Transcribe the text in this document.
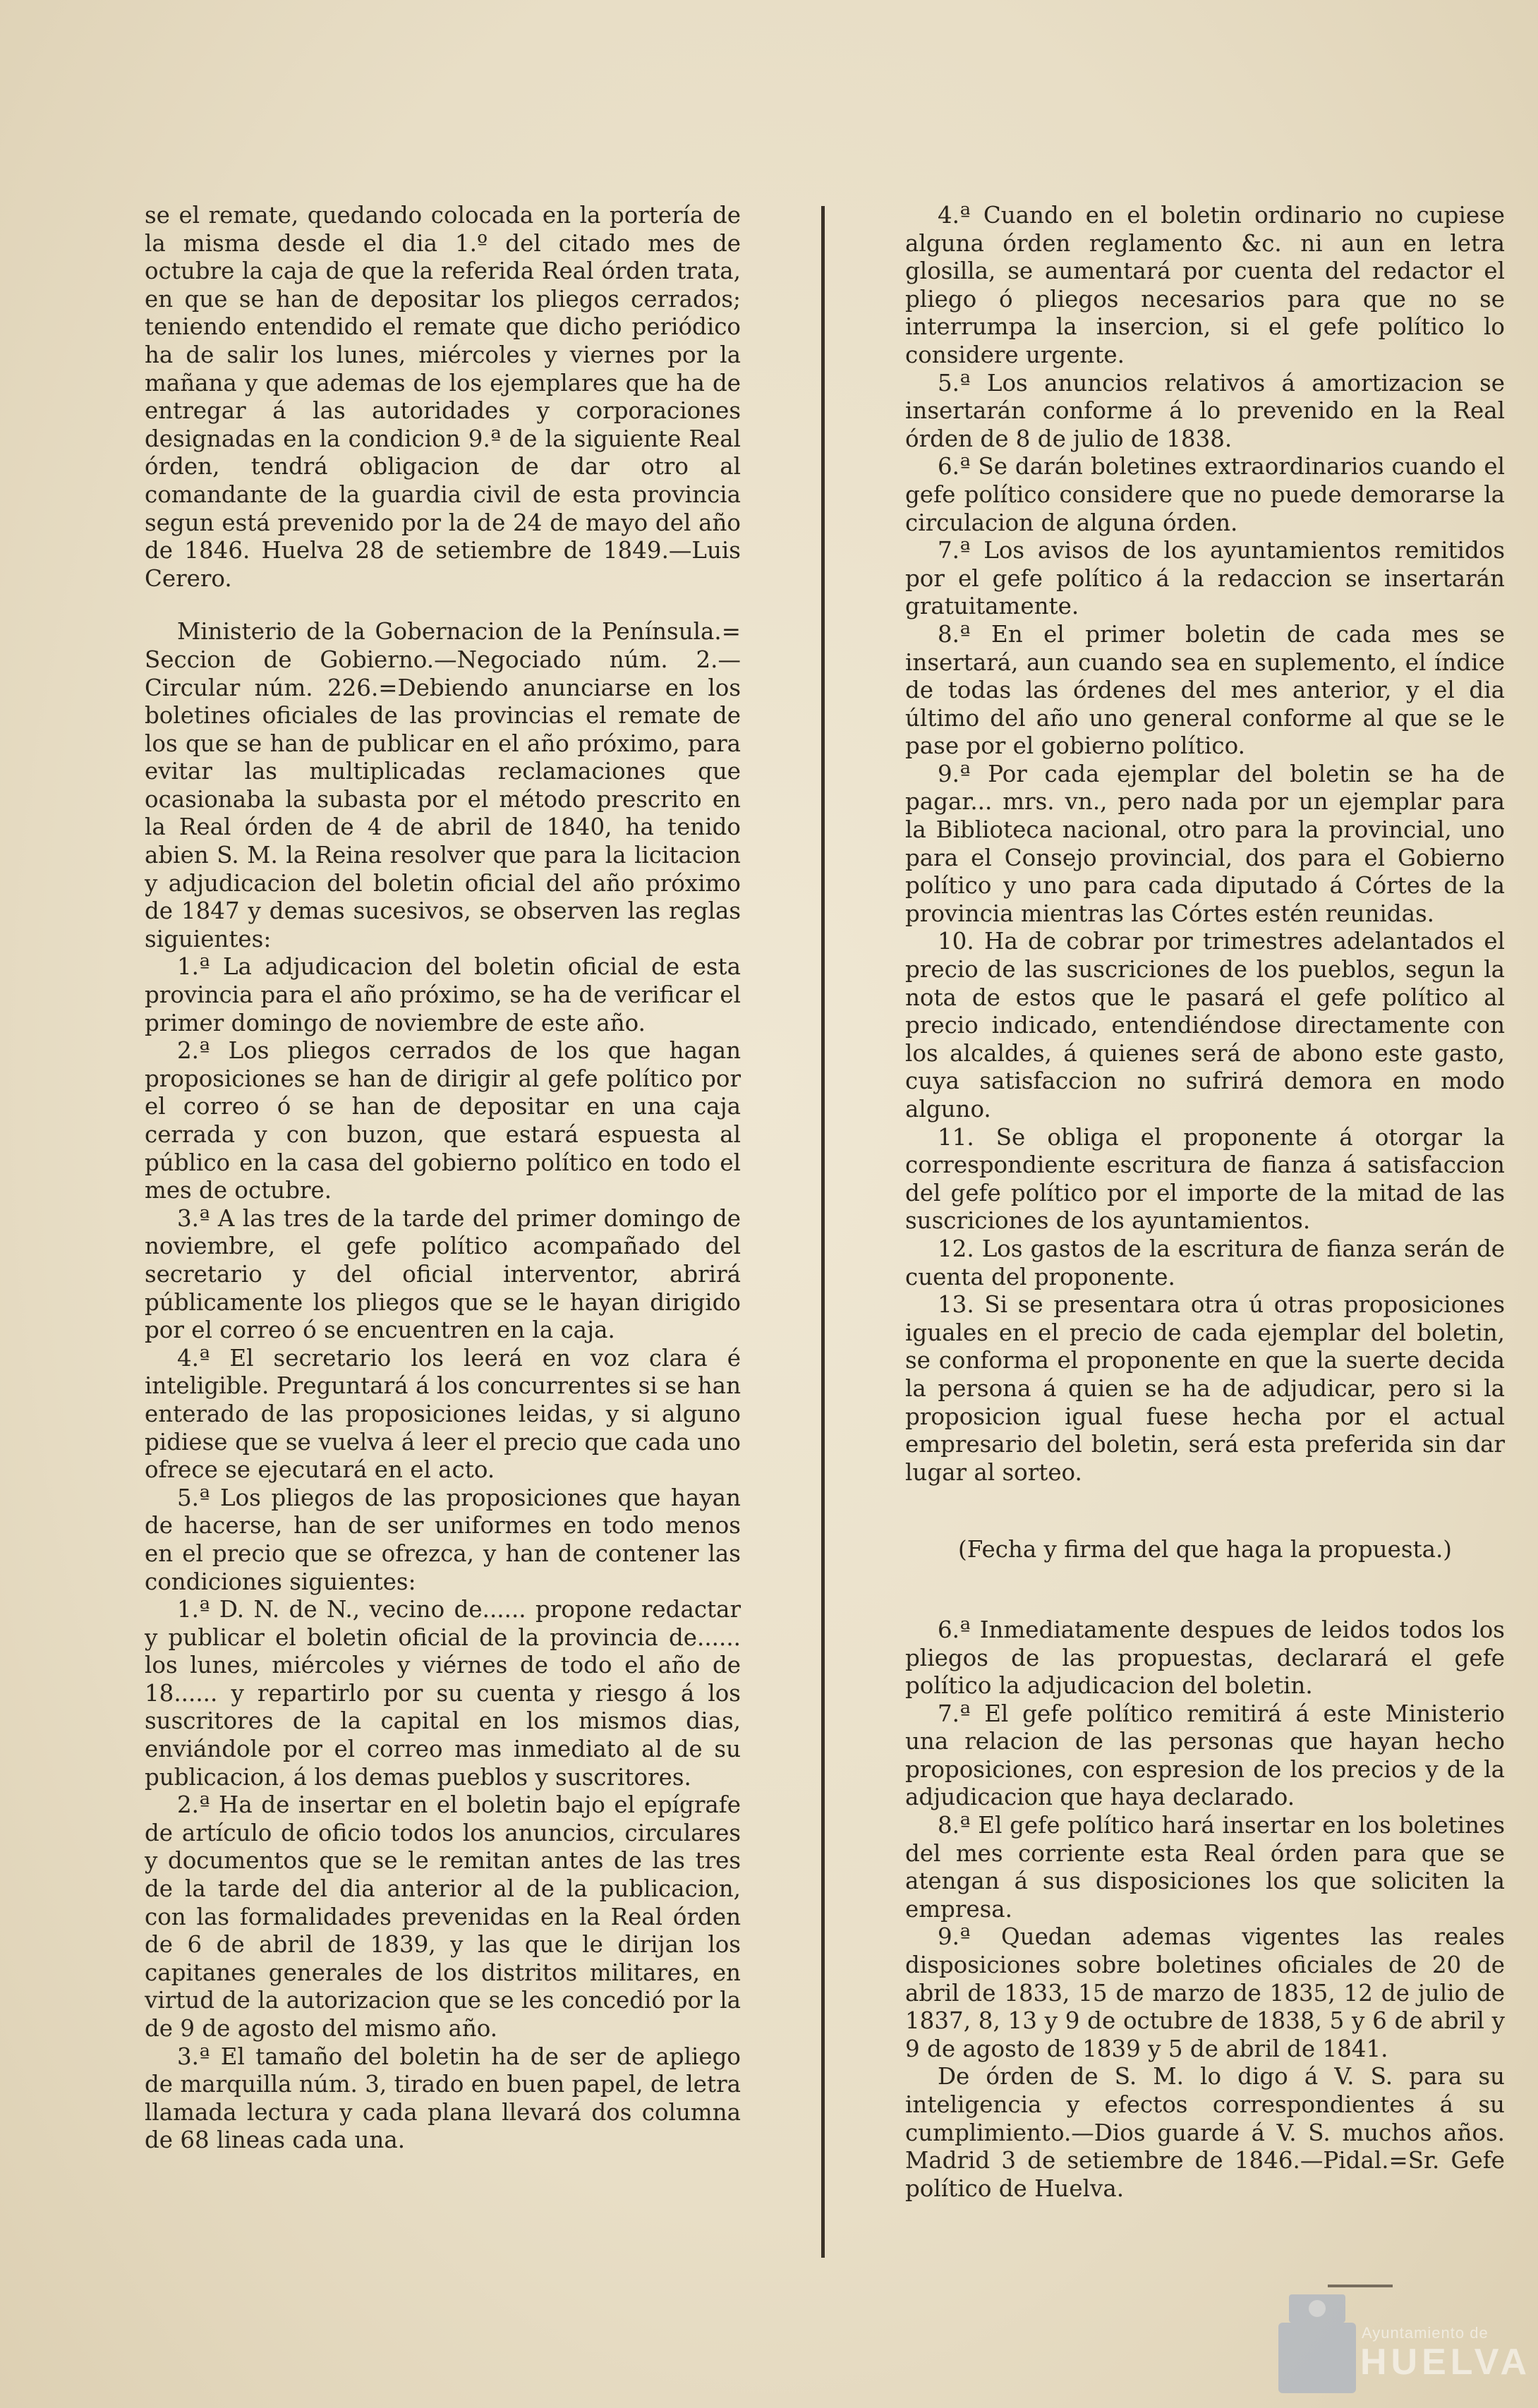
se el remate, quedando colocada en la portería de la misma desde el dia 1.º del citado mes de octubre la caja de que la referida Real órden trata, en que se han de depositar los pliegos cerrados; teniendo entendido el remate que dicho periódico ha de salir los lunes, miércoles y viernes por la mañana y que ademas de los ejemplares que ha de entregar á las autoridades y corporaciones designadas en la condicion 9.ª de la siguiente Real órden, tendrá obligacion de dar otro al comandante de la guardia civil de esta provincia segun está prevenido por la de 24 de mayo del año de 1846. Huelva 28 de setiembre de 1849.—Luis Cerero.

Ministerio de la Gobernacion de la Península.= Seccion de Gobierno.—Negociado núm. 2.—Circular núm. 226.=Debiendo anunciarse en los boletines oficiales de las provincias el remate de los que se han de publicar en el año próximo, para evitar las multiplicadas reclamaciones que ocasionaba la subasta por el método prescrito en la Real órden de 4 de abril de 1840, ha tenido abien S. M. la Reina resolver que para la licitacion y adjudicacion del boletin oficial del año próximo de 1847 y demas sucesivos, se observen las reglas siguientes:

1.ª La adjudicacion del boletin oficial de esta provincia para el año próximo, se ha de verificar el primer domingo de noviembre de este año.

2.ª Los pliegos cerrados de los que hagan proposiciones se han de dirigir al gefe político por el correo ó se han de depositar en una caja cerrada y con buzon, que estará espuesta al público en la casa del gobierno político en todo el mes de octubre.

3.ª A las tres de la tarde del primer domingo de noviembre, el gefe político acompañado del secretario y del oficial interventor, abrirá públicamente los pliegos que se le hayan dirigido por el correo ó se encuentren en la caja.

4.ª El secretario los leerá en voz clara é inteligible. Preguntará á los concurrentes si se han enterado de las proposiciones leidas, y si alguno pidiese que se vuelva á leer el precio que cada uno ofrece se ejecutará en el acto.

5.ª Los pliegos de las proposiciones que hayan de hacerse, han de ser uniformes en todo menos en el precio que se ofrezca, y han de contener las condiciones siguientes:

1.ª D. N. de N., vecino de...... propone redactar y publicar el boletin oficial de la provincia de...... los lunes, miércoles y viérnes de todo el año de 18...... y repartirlo por su cuenta y riesgo á los suscritores de la capital en los mismos dias, enviándole por el correo mas inmediato al de su publicacion, á los demas pueblos y suscritores.

2.ª Ha de insertar en el boletin bajo el epígrafe de artículo de oficio todos los anuncios, circulares y documentos que se le remitan antes de las tres de la tarde del dia anterior al de la publicacion, con las formalidades prevenidas en la Real órden de 6 de abril de 1839, y las que le dirijan los capitanes generales de los distritos militares, en virtud de la autorizacion que se les concedió por la de 9 de agosto del mismo año.

3.ª El tamaño del boletin ha de ser de apliego de marquilla núm. 3, tirado en buen papel, de letra llamada lectura y cada plana llevará dos columna de 68 lineas cada una.

4.ª Cuando en el boletin ordinario no cupiese alguna órden reglamento &c. ni aun en letra glosilla, se aumentará por cuenta del redactor el pliego ó pliegos necesarios para que no se interrumpa la insercion, si el gefe político lo considere urgente.

5.ª Los anuncios relativos á amortizacion se insertarán conforme á lo prevenido en la Real órden de 8 de julio de 1838.

6.ª Se darán boletines extraordinarios cuando el gefe político considere que no puede demorarse la circulacion de alguna órden.

7.ª Los avisos de los ayuntamientos remitidos por el gefe político á la redaccion se insertarán gratuitamente.

8.ª En el primer boletin de cada mes se insertará, aun cuando sea en suplemento, el índice de todas las órdenes del mes anterior, y el dia último del año uno general conforme al que se le pase por el gobierno político.

9.ª Por cada ejemplar del boletin se ha de pagar... mrs. vn., pero nada por un ejemplar para la Biblioteca nacional, otro para la provincial, uno para el Consejo provincial, dos para el Gobierno político y uno para cada diputado á Córtes de la provincia mientras las Córtes estén reunidas.

10. Ha de cobrar por trimestres adelantados el precio de las suscriciones de los pueblos, segun la nota de estos que le pasará el gefe político al precio indicado, entendiéndose directamente con los alcaldes, á quienes será de abono este gasto, cuya satisfaccion no sufrirá demora en modo alguno.

11. Se obliga el proponente á otorgar la correspondiente escritura de fianza á satisfaccion del gefe político por el importe de la mitad de las suscriciones de los ayuntamientos.

12. Los gastos de la escritura de fianza serán de cuenta del proponente.

13. Si se presentara otra ú otras proposiciones iguales en el precio de cada ejemplar del boletin, se conforma el proponente en que la suerte decida la persona á quien se ha de adjudicar, pero si la proposicion igual fuese hecha por el actual empresario del boletin, será esta preferida sin dar lugar al sorteo.

(Fecha y firma del que haga la propuesta.)

6.ª Inmediatamente despues de leidos todos los pliegos de las propuestas, declarará el gefe político la adjudicacion del boletin.

7.ª El gefe político remitirá á este Ministerio una relacion de las personas que hayan hecho proposiciones, con espresion de los precios y de la adjudicacion que haya declarado.

8.ª El gefe político hará insertar en los boletines del mes corriente esta Real órden para que se atengan á sus disposiciones los que soliciten la empresa.

9.ª Quedan ademas vigentes las reales disposiciones sobre boletines oficiales de 20 de abril de 1833, 15 de marzo de 1835, 12 de julio de 1837, 8, 13 y 9 de octubre de 1838, 5 y 6 de abril y 9 de agosto de 1839 y 5 de abril de 1841.

De órden de S. M. lo digo á V. S. para su inteligencia y efectos correspondientes á su cumplimiento.—Dios guarde á V. S. muchos años. Madrid 3 de setiembre de 1846.—Pidal.=Sr. Gefe político de Huelva.

Ayuntamiento de
HUELVA
